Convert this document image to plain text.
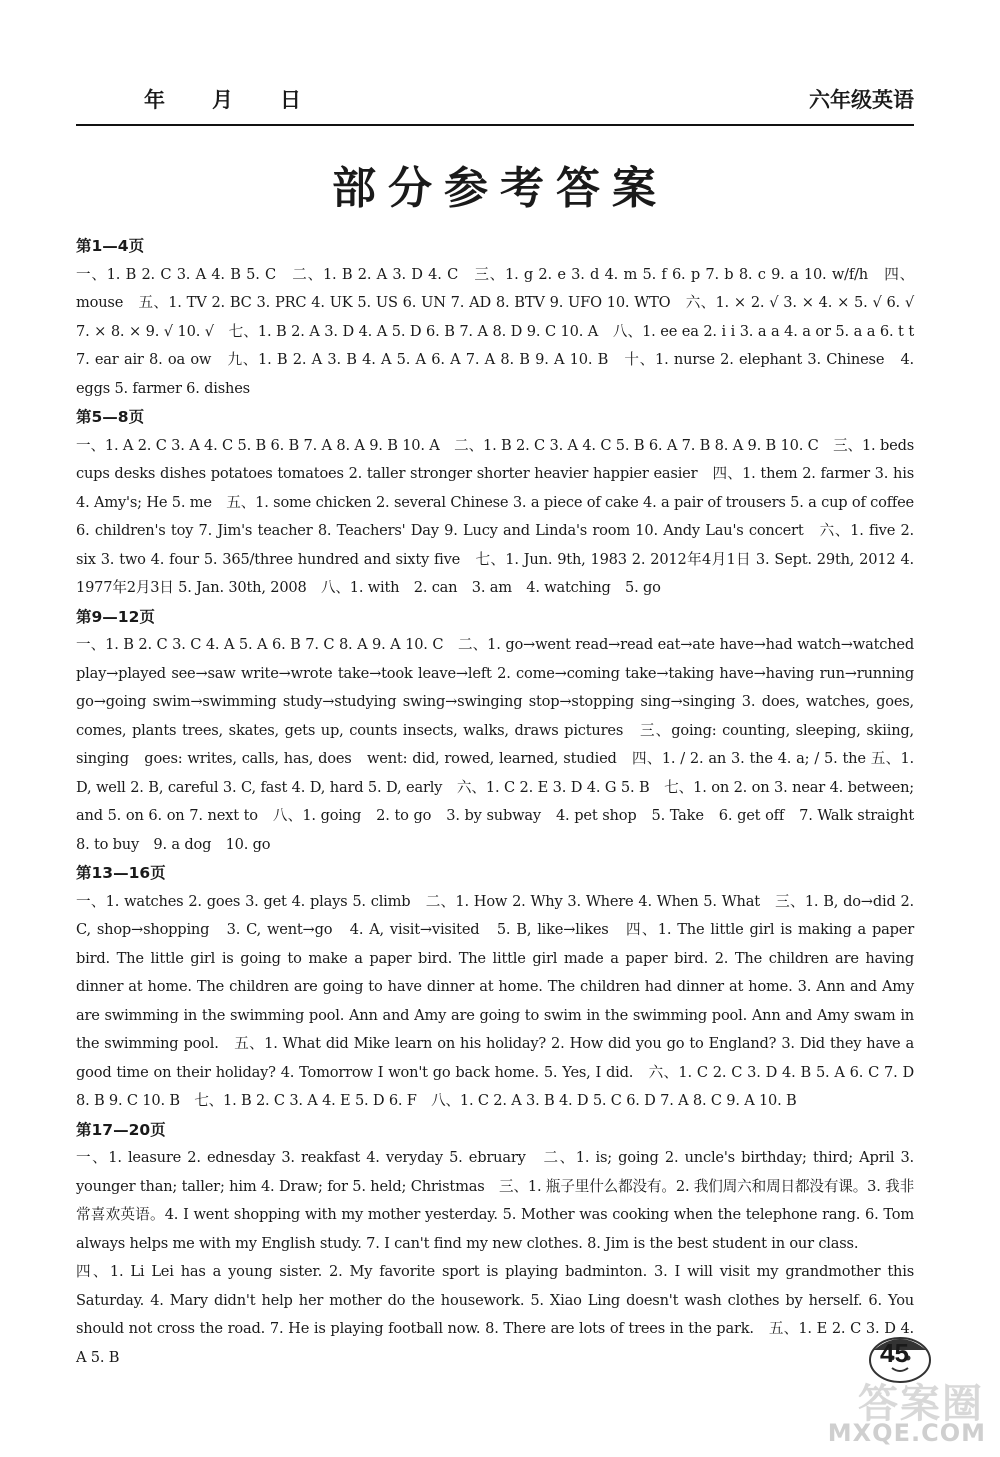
年 月 日	六年级英语
部分参考答案
第1—4页
一、1. B 2. C 3. A 4. B 5. C　二、1. B 2. A 3. D 4. C　三、1. g 2. e 3. d 4. m 5. f 6. p 7. b 8. c 9. a 10. w/f/h　四、mouse　五、1. TV 2. BC 3. PRC 4. UK 5. US 6. UN 7. AD 8. BTV 9. UFO 10. WTO　六、1. × 2. √ 3. × 4. × 5. √ 6. √　7. × 8. × 9. √ 10. √　七、1. B 2. A 3. D 4. A 5. D 6. B 7. A 8. D 9. C 10. A　八、1. ee ea 2. i i 3. a a 4. a or 5. a a 6. t t 7. ear air 8. oa ow　九、1. B 2. A 3. B 4. A 5. A 6. A 7. A 8. B 9. A 10. B　十、1. nurse 2. elephant 3. Chinese　4. eggs 5. farmer 6. dishes
第5—8页
一、1. A 2. C 3. A 4. C 5. B 6. B 7. A 8. A 9. B 10. A　二、1. B 2. C 3. A 4. C 5. B 6. A 7. B 8. A 9. B 10. C　三、1. beds cups desks dishes potatoes tomatoes 2. taller stronger shorter heavier happier easier　四、1. them 2. farmer 3. his 4. Amy's; He 5. me　五、1. some chicken 2. several Chinese 3. a piece of cake 4. a pair of trousers 5. a cup of coffee 6. children's toy 7. Jim's teacher 8. Teachers' Day 9. Lucy and Linda's room 10. Andy Lau's concert　六、1. five 2. six 3. two 4. four 5. 365/three hundred and sixty five　七、1. Jun. 9th, 1983 2. 2012年4月1日 3. Sept. 29th, 2012 4. 1977年2月3日 5. Jan. 30th, 2008　八、1. with　2. can　3. am　4. watching　5. go
第9—12页
一、1. B 2. C 3. C 4. A 5. A 6. B 7. C 8. A 9. A 10. C　二、1. go→went read→read eat→ate have→had watch→watched play→played see→saw write→wrote take→took leave→left 2. come→coming take→taking have→having run→running go→going swim→swimming study→studying swing→swinging stop→stopping sing→singing 3. does, watches, goes, comes, plants trees, skates, gets up, counts insects, walks, draws pictures　三、going: counting, sleeping, skiing, singing　goes: writes, calls, has, does　went: did, rowed, learned, studied　四、1. / 2. an 3. the 4. a; / 5. the 五、1. D, well 2. B, careful 3. C, fast 4. D, hard 5. D, early　六、1. C 2. E 3. D 4. G 5. B　七、1. on 2. on 3. near 4. between; and 5. on 6. on 7. next to　八、1. going　2. to go　3. by subway　4. pet shop　5. Take　6. get off　7. Walk straight　8. to buy　9. a dog　10. go
第13—16页
一、1. watches 2. goes 3. get 4. plays 5. climb　二、1. How 2. Why 3. Where 4. When 5. What　三、1. B, do→did 2. C, shop→shopping　3. C, went→go　4. A, visit→visited　5. B, like→likes　四、1. The little girl is making a paper bird. The little girl is going to make a paper bird. The little girl made a paper bird. 2. The children are having dinner at home. The children are going to have dinner at home. The children had dinner at home. 3. Ann and Amy are swimming in the swimming pool. Ann and Amy are going to swim in the swimming pool. Ann and Amy swam in the swimming pool.　五、1. What did Mike learn on his holiday? 2. How did you go to England? 3. Did they have a good time on their holiday? 4. Tomorrow I won't go back home. 5. Yes, I did.　六、1. C 2. C 3. D 4. B 5. A 6. C 7. D 8. B 9. C 10. B　七、1. B 2. C 3. A 4. E 5. D 6. F　八、1. C 2. A 3. B 4. D 5. C 6. D 7. A 8. C 9. A 10. B
第17—20页
一、1. leasure 2. ednesday 3. reakfast 4. veryday 5. ebruary　二、1. is; going 2. uncle's birthday; third; April 3. younger than; taller; him 4. Draw; for 5. held; Christmas　三、1. 瓶子里什么都没有。2. 我们周六和周日都没有课。3. 我非常喜欢英语。4. I went shopping with my mother yesterday. 5. Mother was cooking when the telephone rang. 6. Tom always helps me with my English study. 7. I can't find my new clothes. 8. Jim is the best student in our class.
四、1. Li Lei has a young sister. 2. My favorite sport is playing badminton. 3. I will visit my grandmother this Saturday. 4. Mary didn't help her mother do the housework. 5. Xiao Ling doesn't wash clothes by herself. 6. You should not cross the road. 7. He is playing football now. 8. There are lots of trees in the park.　五、1. E 2. C 3. D 4. A 5. B	45
答案圈
MXQE.COM
